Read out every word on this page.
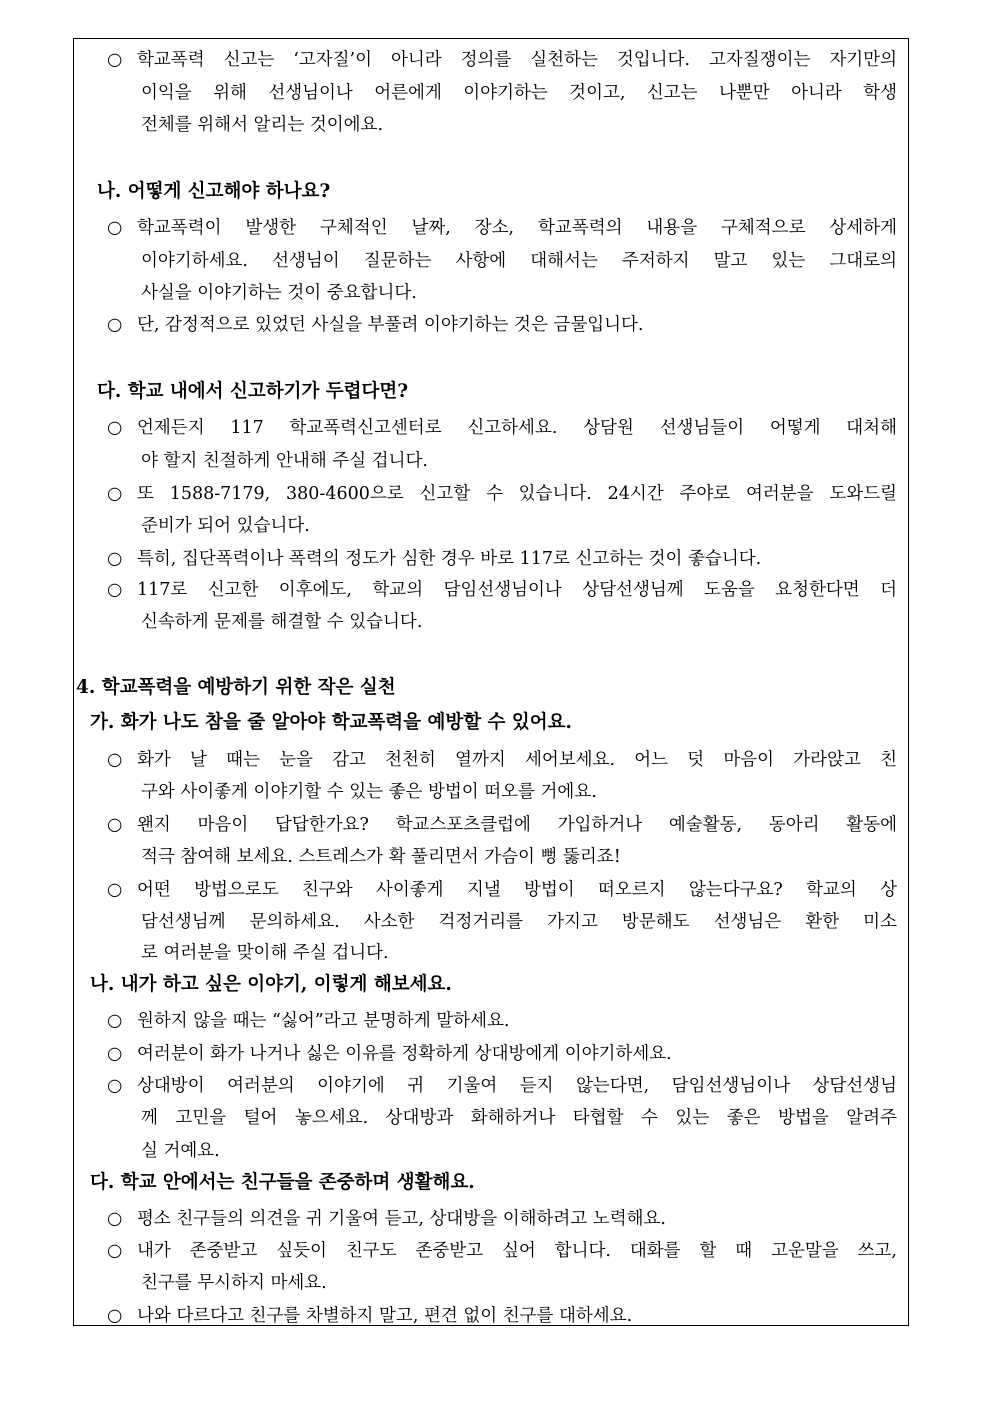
○ 학교폭력 신고는 ‘고자질’이 아니라 정의를 실천하는 것입니다. 고자질쟁이는 자기만의
이익을 위해 선생님이나 어른에게 이야기하는 것이고, 신고는 나뿐만 아니라 학생
전체를 위해서 알리는 것이에요.
나. 어떻게 신고해야 하나요?
○ 학교폭력이 발생한 구체적인 날짜, 장소, 학교폭력의 내용을 구체적으로 상세하게
이야기하세요. 선생님이 질문하는 사항에 대해서는 주저하지 말고 있는 그대로의
사실을 이야기하는 것이 중요합니다.
○ 단, 감정적으로 있었던 사실을 부풀려 이야기하는 것은 금물입니다.
다. 학교 내에서 신고하기가 두렵다면?
○ 언제든지 117 학교폭력신고센터로 신고하세요. 상담원 선생님들이 어떻게 대처해
야 할지 친절하게 안내해 주실 겁니다.
○ 또 1588-7179, 380-4600으로 신고할 수 있습니다. 24시간 주야로 여러분을 도와드릴
준비가 되어 있습니다.
○ 특히, 집단폭력이나 폭력의 정도가 심한 경우 바로 117로 신고하는 것이 좋습니다.
○ 117로 신고한 이후에도, 학교의 담임선생님이나 상담선생님께 도움을 요청한다면 더
신속하게 문제를 해결할 수 있습니다.
4. 학교폭력을 예방하기 위한 작은 실천
가. 화가 나도 참을 줄 알아야 학교폭력을 예방할 수 있어요.
○ 화가 날 때는 눈을 감고 천천히 열까지 세어보세요. 어느 덧 마음이 가라앉고 친
구와 사이좋게 이야기할 수 있는 좋은 방법이 떠오를 거에요.
○ 왠지 마음이 답답한가요? 학교스포츠클럽에 가입하거나 예술활동, 동아리 활동에
적극 참여해 보세요. 스트레스가 확 풀리면서 가슴이 뻥 뚫리죠!
○ 어떤 방법으로도 친구와 사이좋게 지낼 방법이 떠오르지 않는다구요? 학교의 상
담선생님께 문의하세요. 사소한 걱정거리를 가지고 방문해도 선생님은 환한 미소
로 여러분을 맞이해 주실 겁니다.
나. 내가 하고 싶은 이야기, 이렇게 해보세요.
○ 원하지 않을 때는 “싫어”라고 분명하게 말하세요.
○ 여러분이 화가 나거나 싫은 이유를 정확하게 상대방에게 이야기하세요.
○ 상대방이 여러분의 이야기에 귀 기울여 듣지 않는다면, 담임선생님이나 상담선생님
께 고민을 털어 놓으세요. 상대방과 화해하거나 타협할 수 있는 좋은 방법을 알려주
실 거예요.
다. 학교 안에서는 친구들을 존중하며 생활해요.
○ 평소 친구들의 의견을 귀 기울여 듣고, 상대방을 이해하려고 노력해요.
○ 내가 존중받고 싶듯이 친구도 존중받고 싶어 합니다. 대화를 할 때 고운말을 쓰고,
친구를 무시하지 마세요.
○ 나와 다르다고 친구를 차별하지 말고, 편견 없이 친구를 대하세요.
